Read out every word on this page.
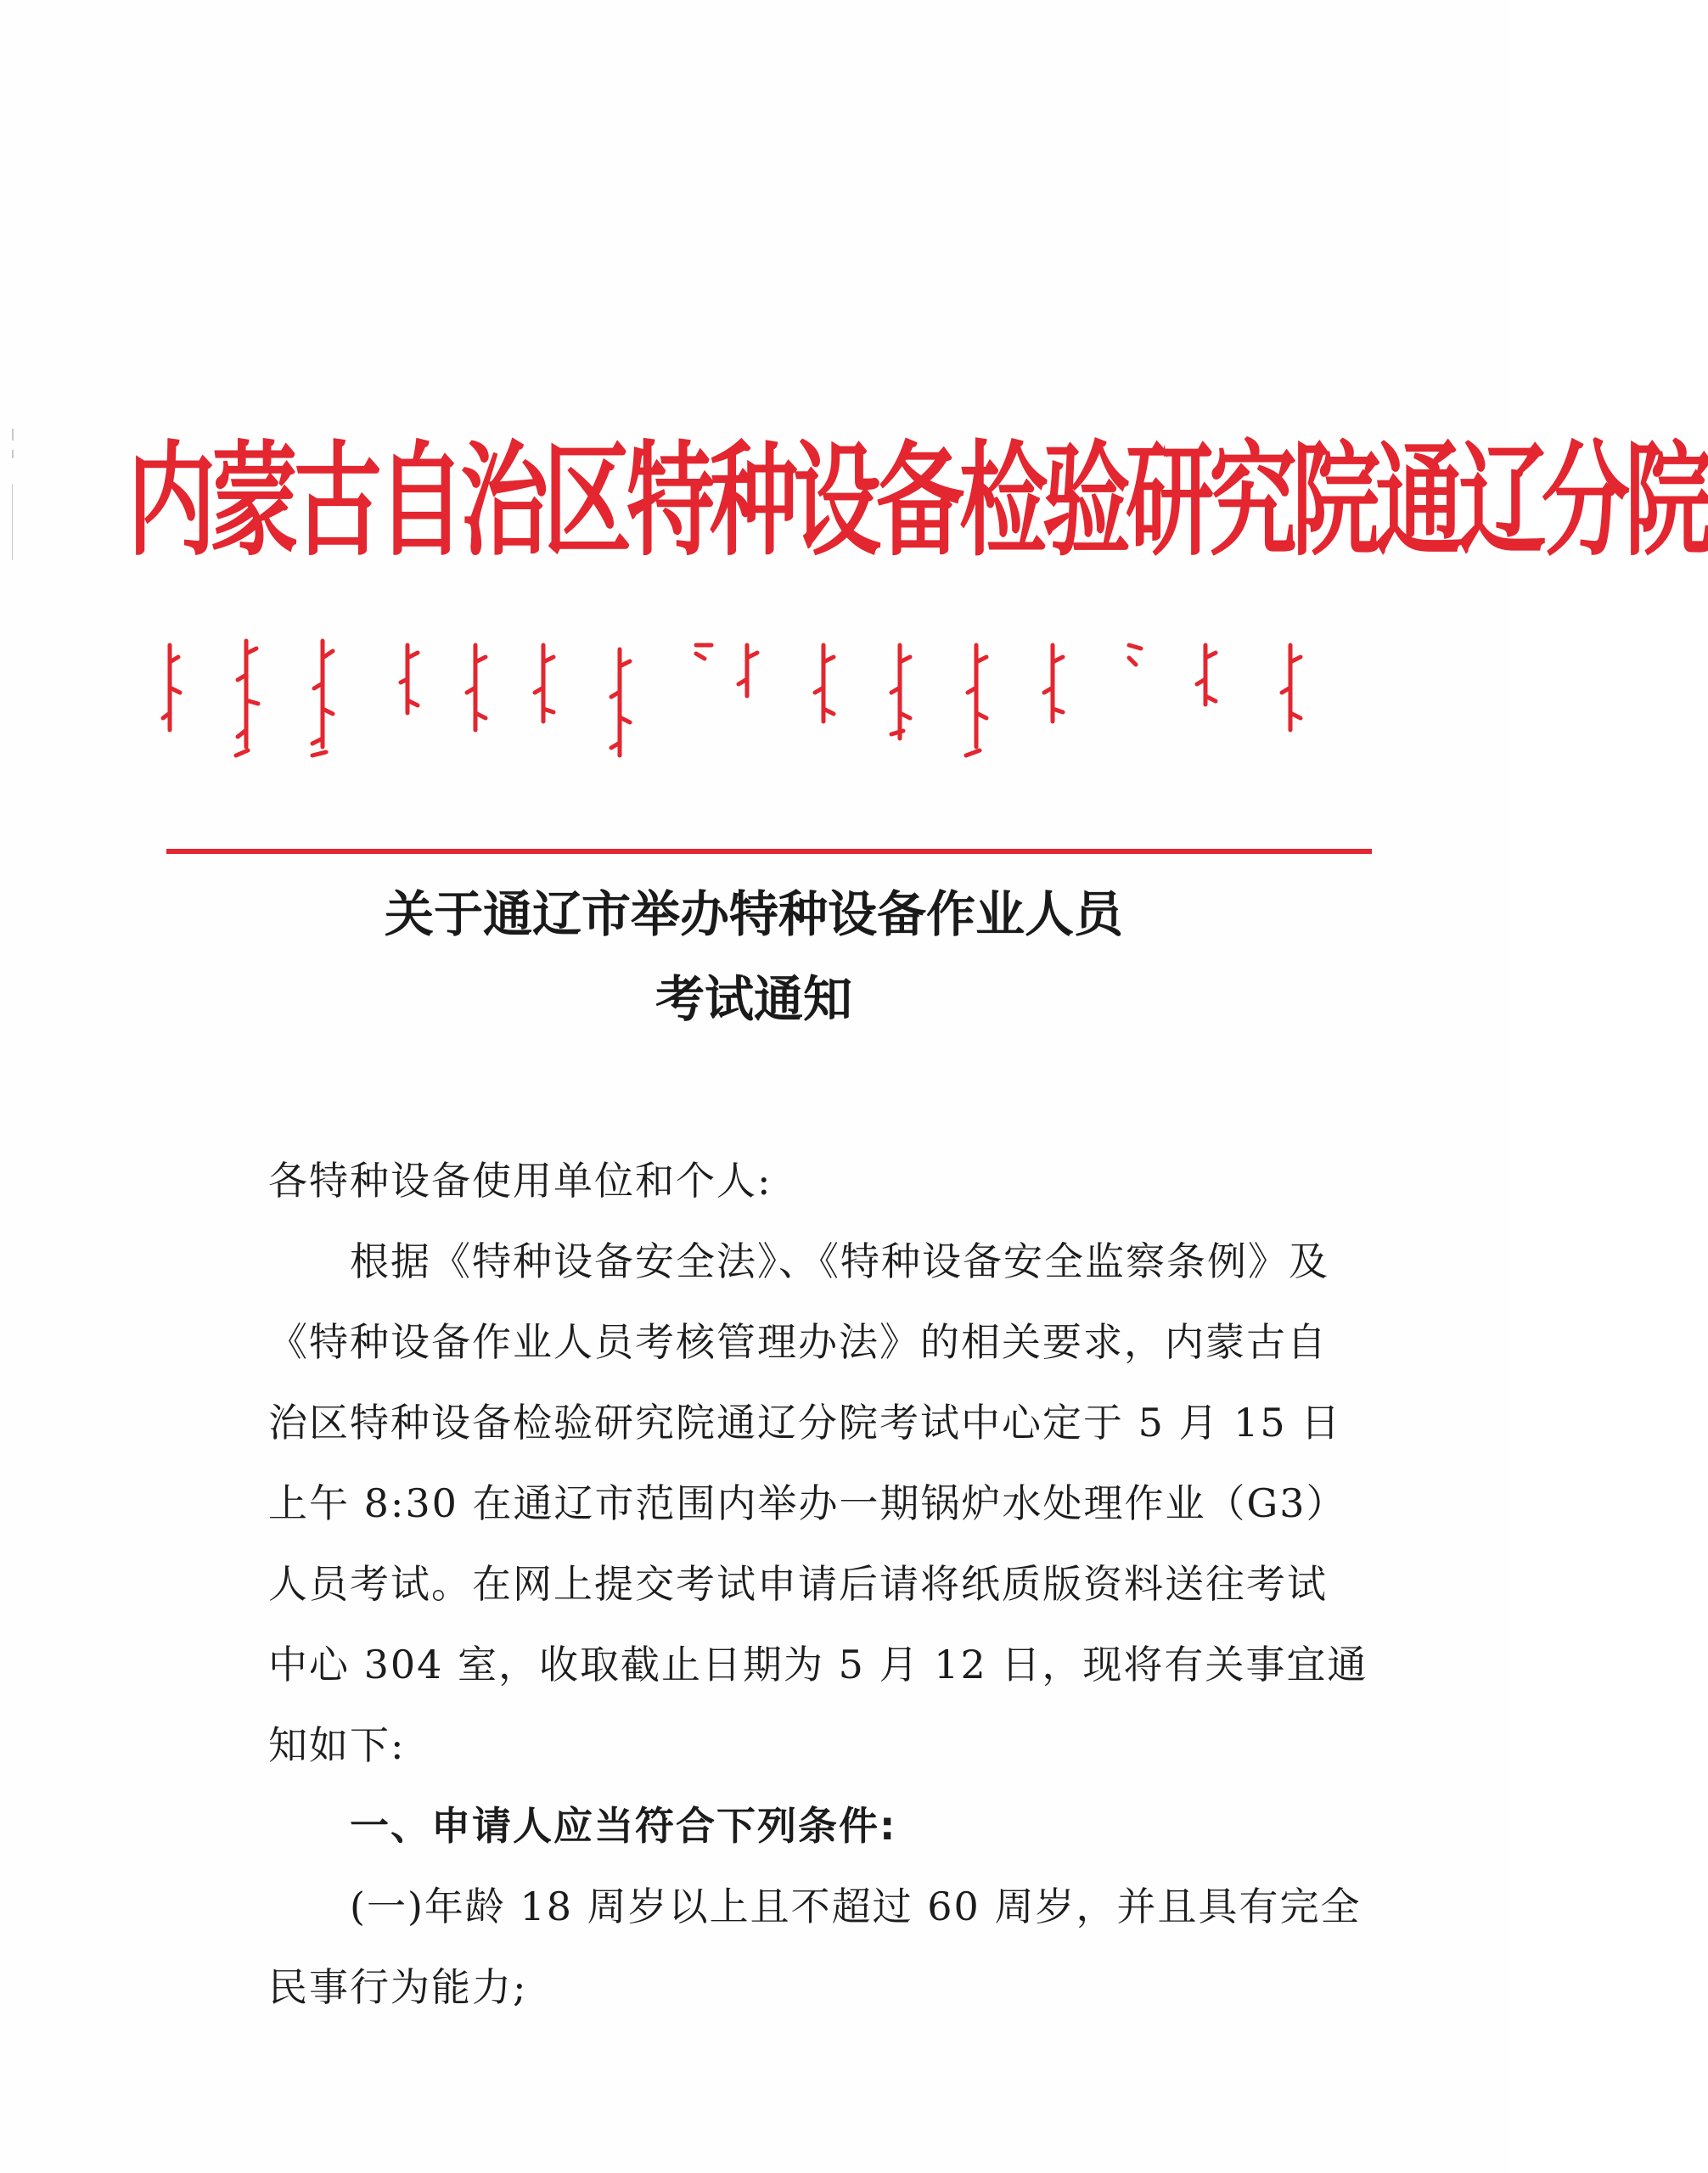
内蒙古自治区特种设备检验研究院通辽分院
关于通辽市举办特种设备作业人员
考试通知
各特种设备使用单位和个人:
根据《特种设备安全法》、《特种设备安全监察条例》及
《特种设备作业人员考核管理办法》的相关要求，内蒙古自
治区特种设备检验研究院通辽分院考试中心定于 5 月 15 日
上午 8:30 在通辽市范围内举办一期锅炉水处理作业（G3）
人员考试。在网上提交考试申请后请将纸质版资料送往考试
中心 304 室，收取截止日期为 5 月 12 日，现将有关事宜通
知如下:
一、申请人应当符合下列条件:
(一)年龄 18 周岁以上且不超过 60 周岁，并且具有完全
民事行为能力;
